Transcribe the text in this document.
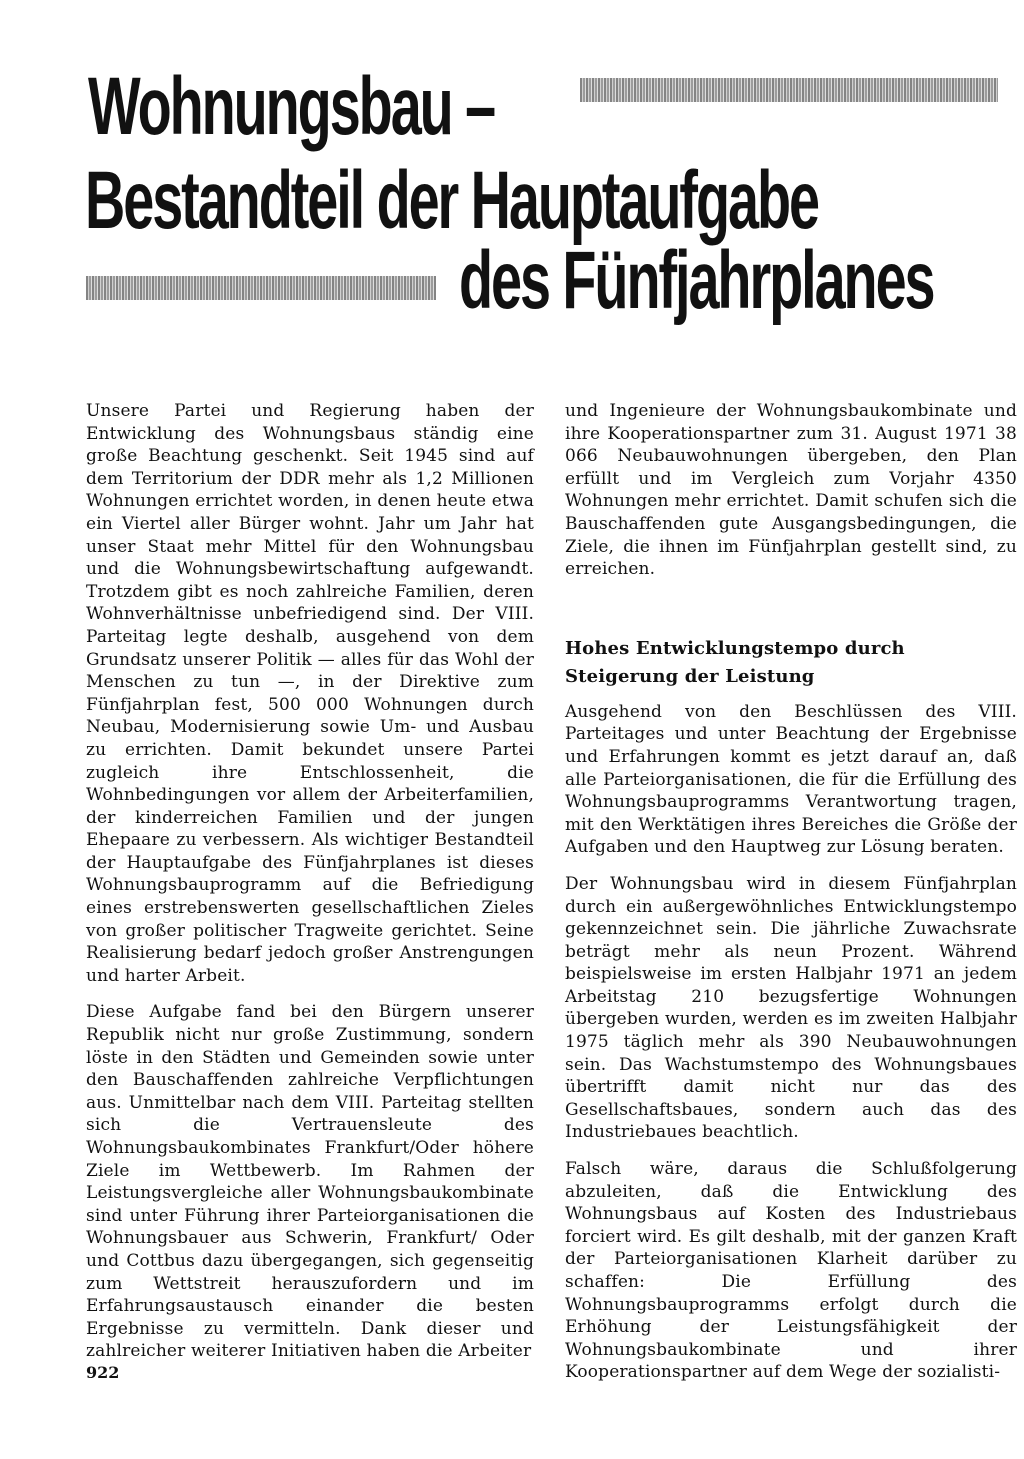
Wohnungsbau –
Bestandteil der Hauptaufgabe
des Fünfjahrplanes

Unsere Partei und Regierung haben der Entwicklung des Wohnungsbaus ständig eine große Beachtung geschenkt. Seit 1945 sind auf dem Territorium der DDR mehr als 1,2 Millionen Wohnungen errichtet worden, in denen heute etwa ein Viertel aller Bürger wohnt. Jahr um Jahr hat unser Staat mehr Mittel für den Wohnungsbau und die Wohnungsbewirtschaftung aufgewandt. Trotzdem gibt es noch zahlreiche Familien, deren Wohnverhältnisse unbefriedigend sind. Der VIII. Parteitag legte deshalb, ausgehend von dem Grundsatz unserer Politik — alles für das Wohl der Menschen zu tun —, in der Direktive zum Fünfjahrplan fest, 500 000 Wohnungen durch Neubau, Modernisierung sowie Um- und Ausbau zu errichten. Damit bekundet unsere Partei zugleich ihre Entschlossenheit, die Wohnbedingungen vor allem der Arbeiterfamilien, der kinderreichen Familien und der jungen Ehepaare zu verbessern. Als wichtiger Bestandteil der Hauptaufgabe des Fünfjahrplanes ist dieses Wohnungsbauprogramm auf die Befriedigung eines erstrebenswerten gesellschaftlichen Zieles von großer politischer Tragweite gerichtet. Seine Realisierung bedarf jedoch großer Anstrengungen und harter Arbeit.

Diese Aufgabe fand bei den Bürgern unserer Republik nicht nur große Zustimmung, sondern löste in den Städten und Gemeinden sowie unter den Bauschaffenden zahlreiche Verpflichtungen aus. Unmittelbar nach dem VIII. Parteitag stellten sich die Vertrauensleute des Wohnungsbaukombinates Frankfurt/Oder höhere Ziele im Wettbewerb. Im Rahmen der Leistungsvergleiche aller Wohnungsbaukombinate sind unter Führung ihrer Parteiorganisationen die Wohnungsbauer aus Schwerin, Frankfurt/ Oder und Cottbus dazu übergegangen, sich gegenseitig zum Wettstreit herauszufordern und im Erfahrungsaustausch einander die besten Ergebnisse zu vermitteln. Dank dieser und zahlreicher weiterer Initiativen haben die Arbeiter

und Ingenieure der Wohnungsbaukombinate und ihre Kooperationspartner zum 31. August 1971 38 066 Neubauwohnungen übergeben, den Plan erfüllt und im Vergleich zum Vorjahr 4350 Wohnungen mehr errichtet. Damit schufen sich die Bauschaffenden gute Ausgangsbedingungen, die Ziele, die ihnen im Fünfjahrplan gestellt sind, zu erreichen.

Hohes Entwicklungstempo durch Steigerung der Leistung

Ausgehend von den Beschlüssen des VIII. Parteitages und unter Beachtung der Ergebnisse und Erfahrungen kommt es jetzt darauf an, daß alle Parteiorganisationen, die für die Erfüllung des Wohnungsbauprogramms Verantwortung tragen, mit den Werktätigen ihres Bereiches die Größe der Aufgaben und den Hauptweg zur Lösung beraten.

Der Wohnungsbau wird in diesem Fünfjahrplan durch ein außergewöhnliches Entwicklungstempo gekennzeichnet sein. Die jährliche Zuwachsrate beträgt mehr als neun Prozent. Während beispielsweise im ersten Halbjahr 1971 an jedem Arbeitstag 210 bezugsfertige Wohnungen übergeben wurden, werden es im zweiten Halbjahr 1975 täglich mehr als 390 Neubauwohnungen sein. Das Wachstumstempo des Wohnungsbaues übertrifft damit nicht nur das des Gesellschaftsbaues, sondern auch das des Industriebaues beachtlich.

Falsch wäre, daraus die Schlußfolgerung abzuleiten, daß die Entwicklung des Wohnungsbaus auf Kosten des Industriebaus forciert wird. Es gilt deshalb, mit der ganzen Kraft der Parteiorganisationen Klarheit darüber zu schaffen: Die Erfüllung des Wohnungsbauprogramms erfolgt durch die Erhöhung der Leistungsfähigkeit der Wohnungsbaukombinate und ihrer Kooperationspartner auf dem Wege der sozialisti-

922
